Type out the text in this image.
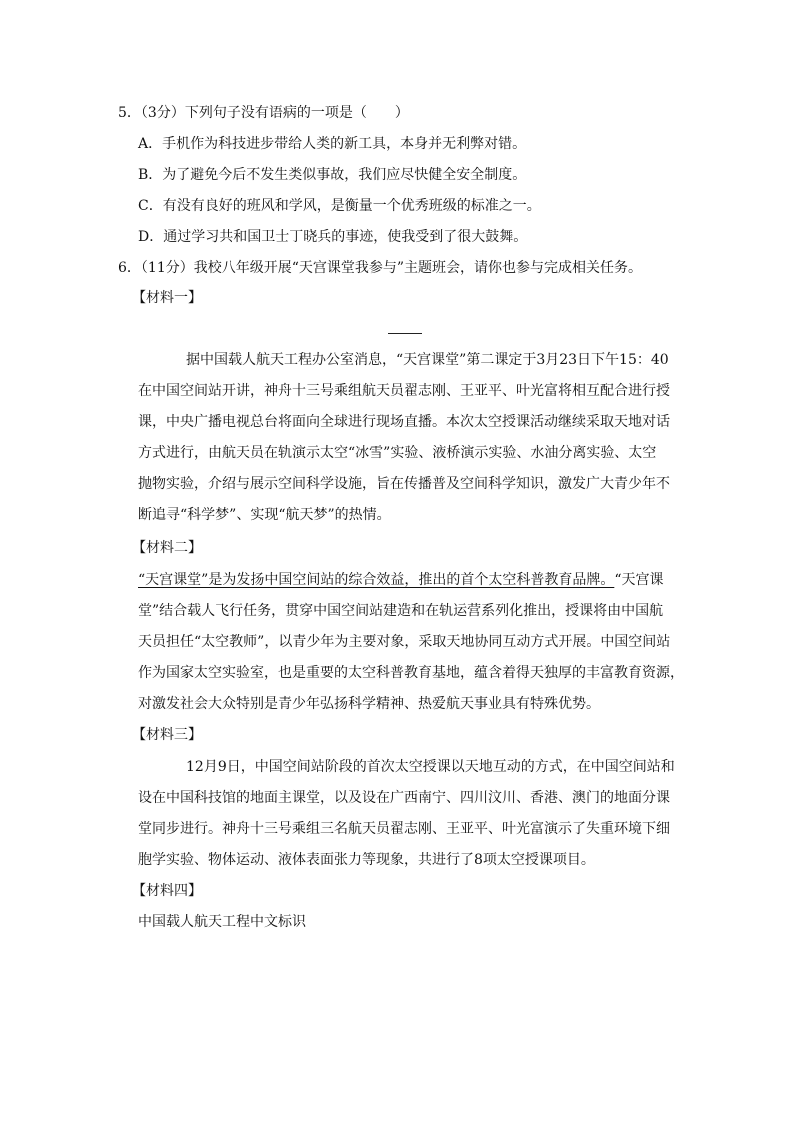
5．（3分）下列句子没有语病的一项是（　　）
A．手机作为科技进步带给人类的新工具，本身并无利弊对错。
B．为了避免今后不发生类似事故，我们应尽快健全安全制度。
C．有没有良好的班风和学风，是衡量一个优秀班级的标准之一。
D．通过学习共和国卫士丁晓兵的事迹，使我受到了很大鼓舞。
6．（11分）我校八年级开展“天宫课堂我参与”主题班会，请你也参与完成相关任务。
【材料一】
据中国载人航天工程办公室消息，“天宫课堂”第二课定于3月23日下午15：40
在中国空间站开讲，神舟十三号乘组航天员翟志刚、王亚平、叶光富将相互配合进行授
课，中央广播电视总台将面向全球进行现场直播。本次太空授课活动继续采取天地对话
方式进行，由航天员在轨演示太空“冰雪”实验、液桥演示实验、水油分离实验、太空
抛物实验，介绍与展示空间科学设施，旨在传播普及空间科学知识，激发广大青少年不
断追寻“科学梦”、实现“航天梦”的热情。
【材料二】
“天宫课堂”是为发扬中国空间站的综合效益，推出的首个太空科普教育品牌。“天宫课
堂”结合载人飞行任务，贯穿中国空间站建造和在轨运营系列化推出，授课将由中国航
天员担任“太空教师”，以青少年为主要对象，采取天地协同互动方式开展。中国空间站
作为国家太空实验室，也是重要的太空科普教育基地，蕴含着得天独厚的丰富教育资源，
对激发社会大众特别是青少年弘扬科学精神、热爱航天事业具有特殊优势。
【材料三】
12月9日，中国空间站阶段的首次太空授课以天地互动的方式，在中国空间站和
设在中国科技馆的地面主课堂，以及设在广西南宁、四川汶川、香港、澳门的地面分课
堂同步进行。神舟十三号乘组三名航天员翟志刚、王亚平、叶光富演示了失重环境下细
胞学实验、物体运动、液体表面张力等现象，共进行了8项太空授课项目。
【材料四】
中国载人航天工程中文标识
